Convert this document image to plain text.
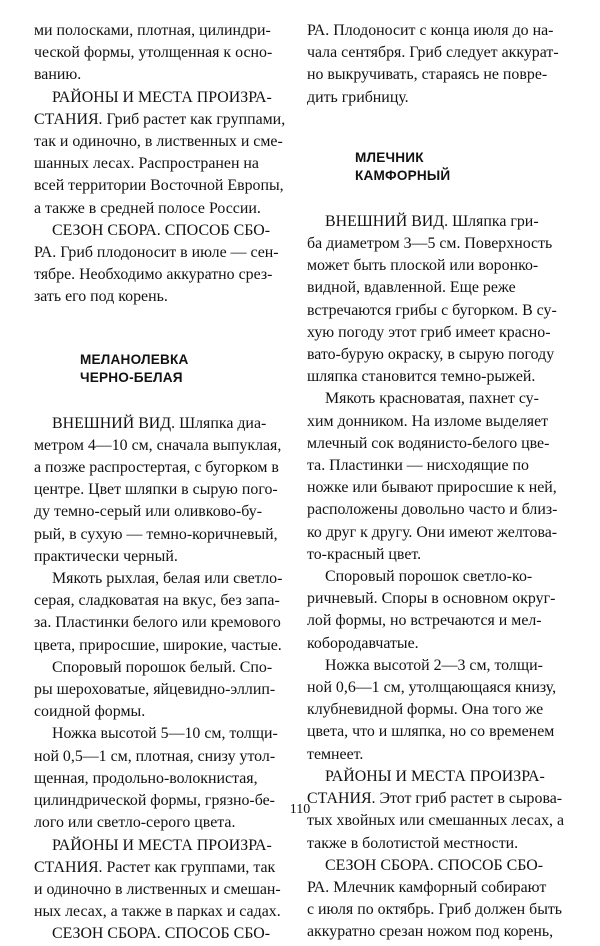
ми полосками, плотная, цилиндри-
ческой формы, утолщенная к осно-
ванию.

РАЙОНЫ И МЕСТА ПРОИЗРА-
СТАНИЯ. Гриб растет как группами,
так и одиночно, в лиственных и сме-
шанных лесах. Распространен на
всей территории Восточной Европы,
а также в средней полосе России.

СЕЗОН СБОРА. СПОСОБ СБО-
РА. Гриб плодоносит в июле — сен-
тябре. Необходимо аккуратно срез-
зать его под корень.

МЕЛАНОЛЕВКА
ЧЕРНО-БЕЛАЯ

ВНЕШНИЙ ВИД. Шляпка диа-
метром 4—10 см, сначала выпуклая,
а позже распростертая, с бугорком в
центре. Цвет шляпки в сырую пого-
ду темно-серый или оливково-бу-
рый, в сухую — темно-коричневый,
практически черный.

Мякоть рыхлая, белая или светло-
серая, сладковатая на вкус, без запа-
за. Пластинки белого или кремового
цвета, приросшие, широкие, частые.

Споровый порошок белый. Спо-
ры шероховатые, яйцевидно-эллип-
соидной формы.

Ножка высотой 5—10 см, толщи-
ной 0,5—1 см, плотная, снизу утол-
щенная, продольно-волокнистая,
цилиндрической формы, грязно-бе-
лого или светло-серого цвета.

РАЙОНЫ И МЕСТА ПРОИЗРА-
СТАНИЯ. Растет как группами, так
и одиночно в лиственных и смешан-
ных лесах, а также в парках и садах.

СЕЗОН СБОРА. СПОСОБ СБО-

РА. Плодоносит с конца июля до на-
чала сентября. Гриб следует аккурат-
но выкручивать, стараясь не повре-
дить грибницу.

МЛЕЧНИК
КАМФОРНЫЙ

ВНЕШНИЙ ВИД. Шляпка гри-
ба диаметром 3—5 см. Поверхность
может быть плоской или воронко-
видной, вдавленной. Еще реже
встречаются грибы с бугорком. В су-
хую погоду этот гриб имеет красно-
вато-бурую окраску, в сырую погоду
шляпка становится темно-рыжей.

Мякоть красноватая, пахнет су-
хим донником. На изломе выделяет
млечный сок водянисто-белого цве-
та. Пластинки — нисходящие по
ножке или бывают приросшие к ней,
расположены довольно часто и близ-
ко друг к другу. Они имеют желтова-
то-красный цвет.

Споровый порошок светло-ко-
ричневый. Споры в основном округ-
лой формы, но встречаются и мел-
кобородавчатые.

Ножка высотой 2—3 см, толщи-
ной 0,6—1 см, утолщающаяся книзу,
клубневидной формы. Она того же
цвета, что и шляпка, но со временем
темнеет.

РАЙОНЫ И МЕСТА ПРОИЗРА-
СТАНИЯ. Этот гриб растет в сырова-
тых хвойных или смешанных лесах, а
также в болотистой местности.

СЕЗОН СБОРА. СПОСОБ СБО-
РА. Млечник камфорный собирают
с июля по октябрь. Гриб должен быть
аккуратно срезан ножом под корень,

110
